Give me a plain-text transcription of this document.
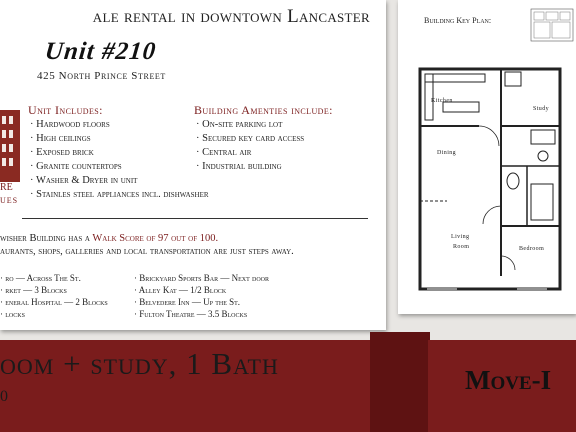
ale rental in downtown Lancaster
Unit #210
425 North Prince Street
RE
UES
Unit Includes:
· Hardwood floors
· High ceilings
· Exposed brick
· Granite countertops
· Washer & Dryer in unit
· Stainles steel appliances incl. dishwasher
Building Amenties include:
· On-site parking lot
· Secured key card access
· Central air
· Industrial building
wisher Building has a Walk Score of 97 out of 100.
aurants, shops, galleries and local transportation are just steps away.
· ro — Across The St.
· rket — 3 Blocks
· eneral Hospital — 2 Blocks
· locks
· Brickyard Sports Bar — Next door
· Alley Kat — 1/2 Block
· Belvedere Inn — Up the St.
· Fulton Theatre — 3.5 Blocks
Building Key Plan:
Kitchen
Study
Dining
Living
Room	Bedroom
oom + study, 1 Bath
0
Move-I
